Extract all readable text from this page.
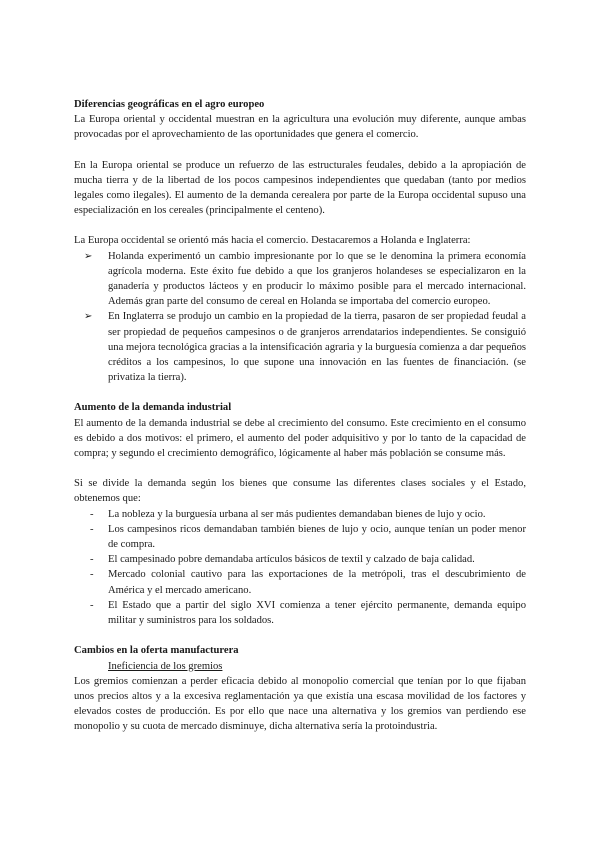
Diferencias geográficas en el agro europeo

La Europa oriental y occidental muestran en la agricultura una evolución muy diferente, aunque ambas provocadas por el aprovechamiento de las oportunidades que genera el comercio.

En la Europa oriental se produce un refuerzo de las estructurales feudales, debido a la apropiación de mucha tierra y de la libertad de los pocos campesinos independientes que quedaban (tanto por medios legales como ilegales). El aumento de la demanda cerealera por parte de la Europa occidental supuso una especialización en los cereales (principalmente el centeno).

La Europa occidental se orientó más hacia el comercio. Destacaremos a Holanda e Inglaterra:

➢ Holanda experimentó un cambio impresionante por lo que se le denomina la primera economía agrícola moderna. Este éxito fue debido a que los granjeros holandeses se especializaron en la ganadería y productos lácteos y en producir lo máximo posible para el mercado internacional. Además gran parte del consumo de cereal en Holanda se importaba del comercio europeo.
➢ En Inglaterra se produjo un cambio en la propiedad de la tierra, pasaron de ser propiedad feudal a ser propiedad de pequeños campesinos o de granjeros arrendatarios independientes. Se consiguió una mejora tecnológica gracias a la intensificación agraria y la burguesía comienza a dar pequeños créditos a los campesinos, lo que supone una innovación en las fuentes de financiación. (se privatiza la tierra).
Aumento de la demanda industrial

El aumento de la demanda industrial se debe al crecimiento del consumo. Este crecimiento en el consumo es debido a dos motivos: el primero, el aumento del poder adquisitivo y por lo tanto de la capacidad de compra; y segundo el crecimiento demográfico, lógicamente al haber más población se consume más.

Si se divide la demanda según los bienes que consume las diferentes clases sociales y el Estado, obtenemos que:

- La nobleza y la burguesía urbana al ser más pudientes demandaban bienes de lujo y ocio.
- Los campesinos ricos demandaban también bienes de lujo y ocio, aunque tenían un poder menor de compra.
- El campesinado pobre demandaba artículos básicos de textil y calzado de baja calidad.
- Mercado colonial cautivo para las exportaciones de la metrópoli, tras el descubrimiento de América y el mercado americano.
- El Estado que a partir del siglo XVI comienza a tener ejército permanente, demanda equipo militar y suministros para los soldados.
Cambios en la oferta manufacturera

Ineficiencia de los gremios

Los gremios comienzan a perder eficacia debido al monopolio comercial que tenían por lo que fijaban unos precios altos y a la excesiva reglamentación ya que existía una escasa movilidad de los factores y elevados costes de producción. Es por ello que nace una alternativa y los gremios van perdiendo ese monopolio y su cuota de mercado disminuye, dicha alternativa sería la protoindustria.
